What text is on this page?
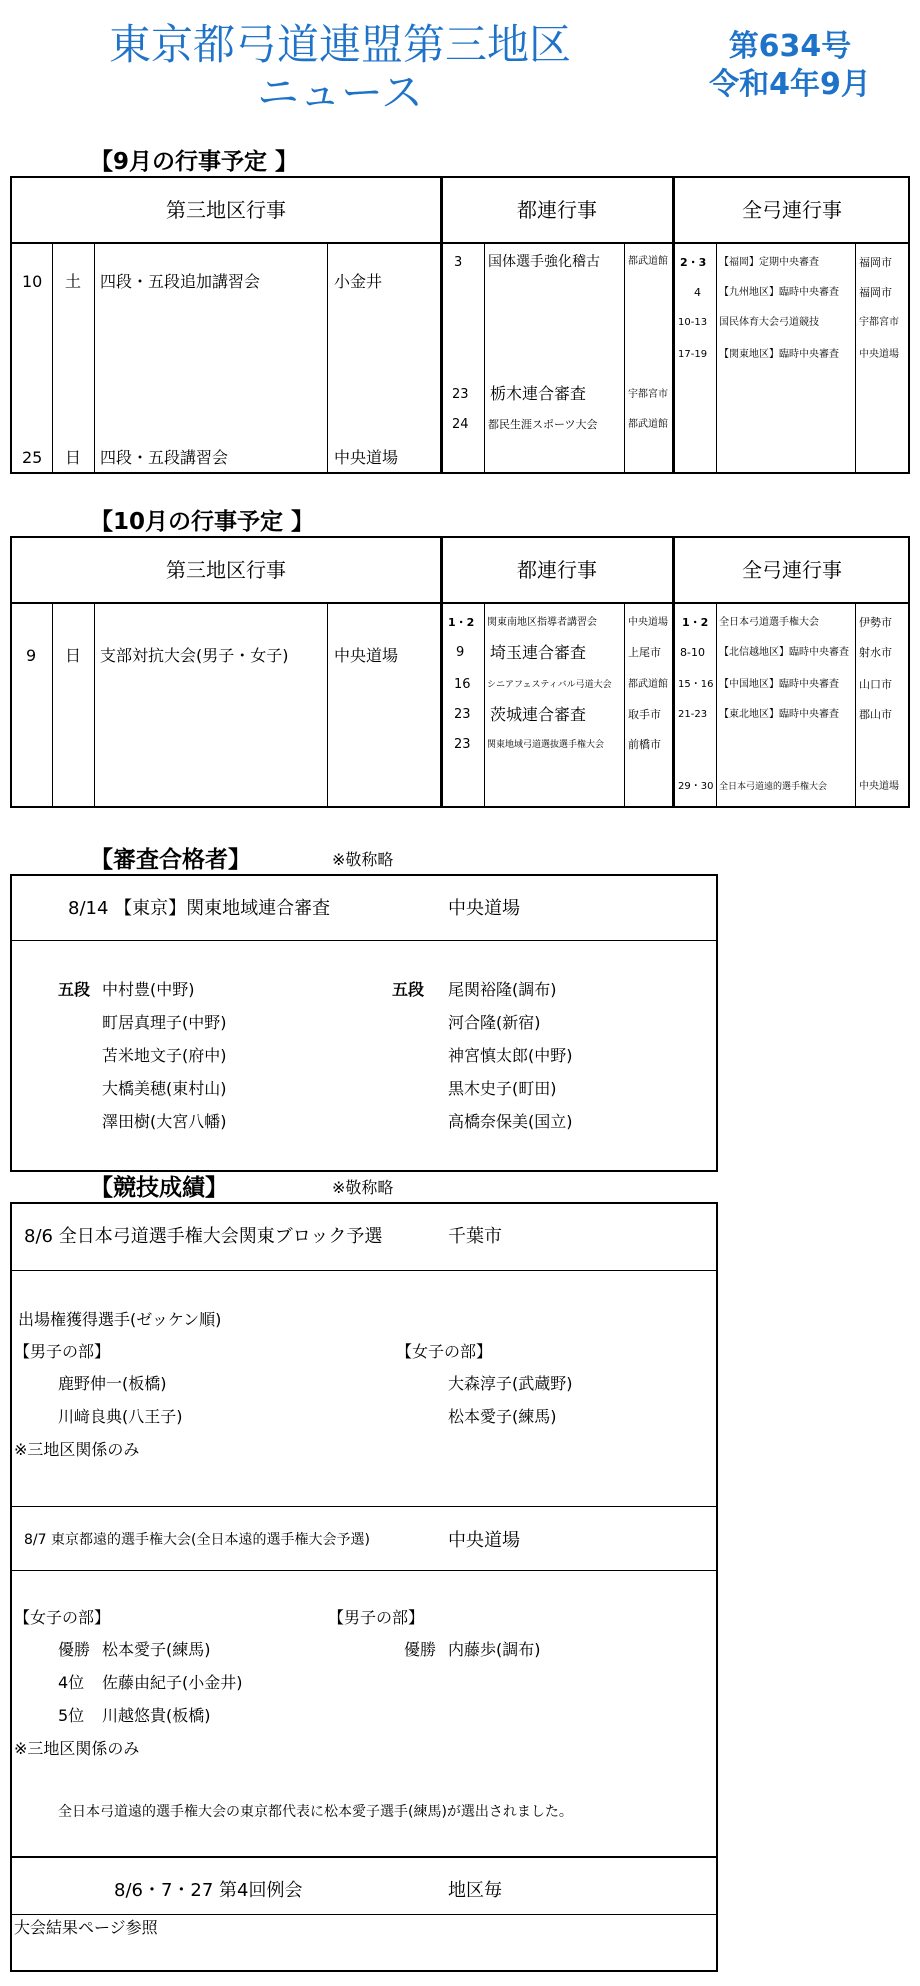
東京都弓道連盟第三地区
ニュース
第634号
令和4年9月
【9月の行事予定 】
第三地区行事	都連行事	全弓連行事
10 土 四段・五段追加講習会	小金井
25 日 四段・五段講習会	中央道場
3 国体選手強化稽古	都武道館
23 栃木連合審査	宇都宮市
24 都民生涯スポーツ大会	都武道館
2・3 【福岡】定期中央審査	福岡市
4 【九州地区】臨時中央審査 福岡市
10-13 国民体育大会弓道競技	宇都宮市
17-19 【関東地区】臨時中央審査 中央道場
【10月の行事予定 】
第三地区行事	都連行事	全弓連行事
9 日 支部対抗大会(男子・女子)	中央道場
1・2 関東南地区指導者講習会	中央道場
9 埼玉連合審査	上尾市
16 シニアフェスティバル弓道大会 都武道館
23 茨城連合審査	取手市
23 関東地域弓道選抜選手権大会 前橋市
1・2 全日本弓道選手権大会	伊勢市
8-10 【北信越地区】臨時中央審査 射水市
15・16 【中国地区】臨時中央審査 山口市
21-23 【東北地区】臨時中央審査 郡山市
29・30 全日本弓道遠的選手権大会	中央道場
【審査合格者】	※敬称略
8/14 【東京】関東地域連合審査	中央道場
五段 中村豊(中野)
町居真理子(中野)
苫米地文子(府中)
大橋美穂(東村山)
澤田樹(大宮八幡)
五段 尾関裕隆(調布)
河合隆(新宿)
神宮慎太郎(中野)
黒木史子(町田)
高橋奈保美(国立)
【競技成績】	※敬称略
8/6 全日本弓道選手権大会関東ブロック予選	千葉市
出場権獲得選手(ゼッケン順)
【男子の部】	【女子の部】
鹿野伸一(板橋)
川﨑良典(八王子)
大森淳子(武蔵野)
松本愛子(練馬)
※三地区関係のみ
8/7 東京都遠的選手権大会(全日本遠的選手権大会予選)	中央道場
【女子の部】	【男子の部】
優勝 松本愛子(練馬)
4位 佐藤由紀子(小金井)
5位 川越悠貴(板橋)
優勝 内藤歩(調布)
※三地区関係のみ
全日本弓道遠的選手権大会の東京都代表に松本愛子選手(練馬)が選出されました。
8/6・7・27 第4回例会	地区毎
大会結果ページ参照
